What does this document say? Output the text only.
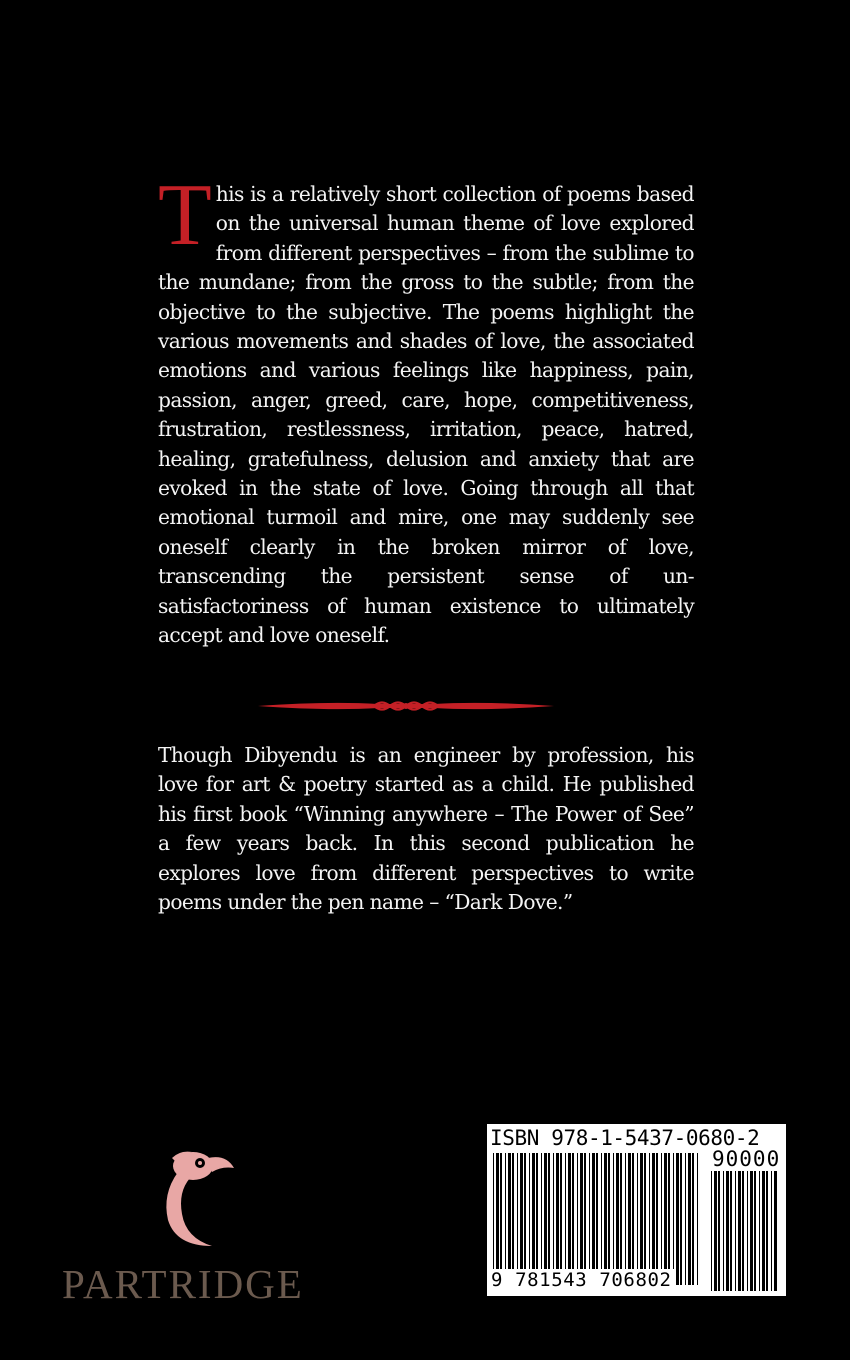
This is a relatively short collection of poems based on the universal human theme of love explored from different perspectives – from the sublime to the mundane; from the gross to the subtle; from the objective to the subjective. The poems highlight the various movements and shades of love, the associated emotions and various feelings like happiness, pain, passion, anger, greed, care, hope, competitiveness, frustration, restlessness, irritation, peace, hatred, healing, gratefulness, delusion and anxiety that are evoked in the state of love. Going through all that emotional turmoil and mire, one may suddenly see oneself clearly in the broken mirror of love, transcending the persistent sense of un-satisfactoriness of human existence to ultimately accept and love oneself.
Though Dibyendu is an engineer by profession, his love for art & poetry started as a child. He published his first book “Winning anywhere – The Power of See” a few years back. In this second publication he explores love from different perspectives to write poems under the pen name – “Dark Dove.”
PARTRIDGE
ISBN 978-1-5437-0680-2
90000
9 781543 706802
